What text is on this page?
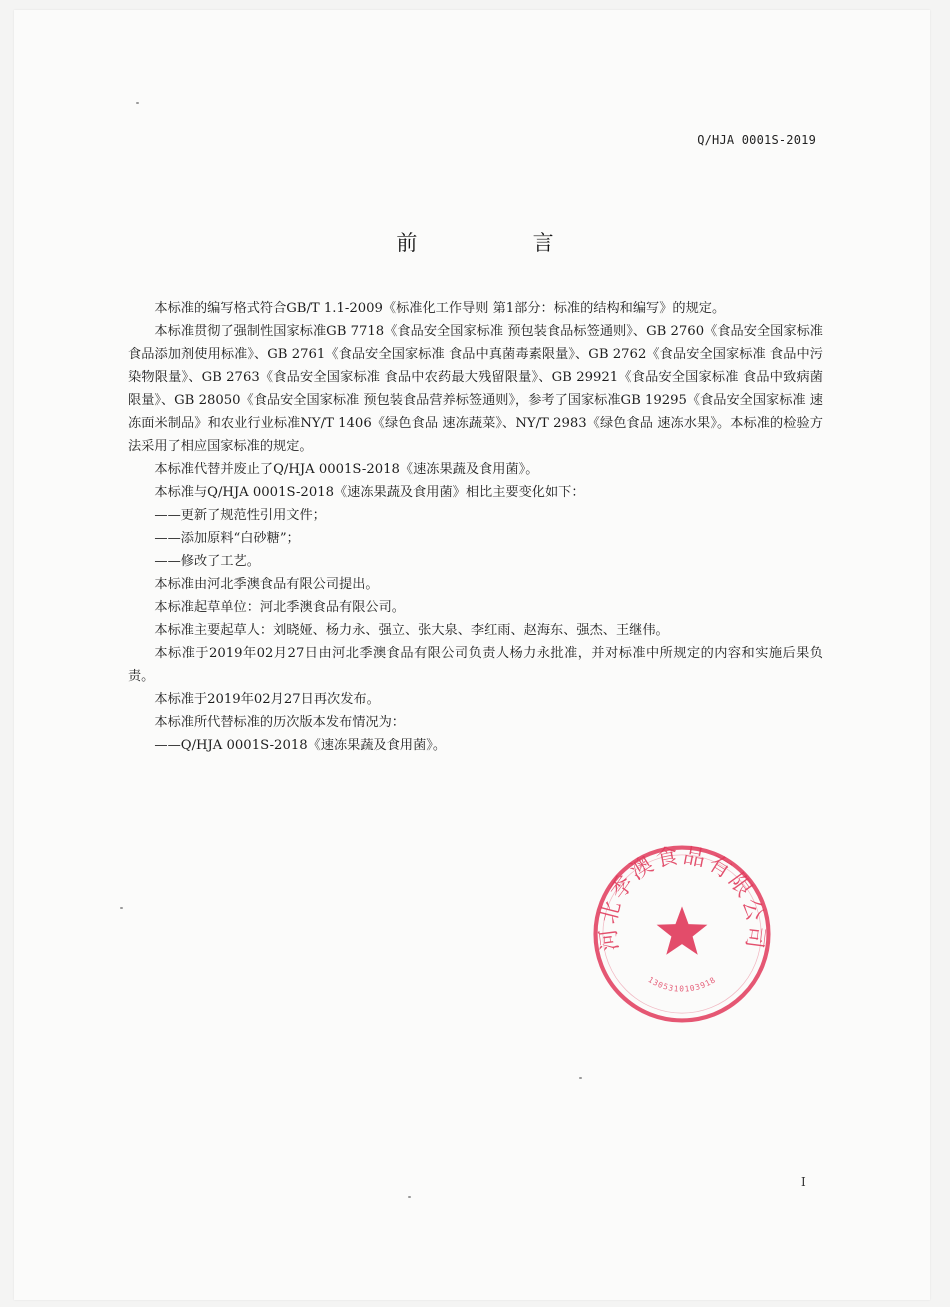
Q/HJA 0001S-2019
前  言

本标准的编写格式符合GB/T 1.1-2009《标准化工作导则 第1部分：标准的结构和编写》的规定。

本标准贯彻了强制性国家标准GB 7718《食品安全国家标准 预包装食品标签通则》、GB 2760《食品安全国家标准 食品添加剂使用标准》、GB 2761《食品安全国家标准 食品中真菌毒素限量》、GB 2762《食品安全国家标准 食品中污染物限量》、GB 2763《食品安全国家标准 食品中农药最大残留限量》、GB 29921《食品安全国家标准 食品中致病菌限量》、GB 28050《食品安全国家标准 预包装食品营养标签通则》，参考了国家标准GB 19295《食品安全国家标准 速冻面米制品》和农业行业标准NY/T 1406《绿色食品 速冻蔬菜》、NY/T 2983《绿色食品 速冻水果》。本标准的检验方法采用了相应国家标准的规定。

本标准代替并废止了Q/HJA 0001S-2018《速冻果蔬及食用菌》。

本标准与Q/HJA 0001S-2018《速冻果蔬及食用菌》相比主要变化如下：

——更新了规范性引用文件；

——添加原料“白砂糖”；

——修改了工艺。

本标准由河北季澳食品有限公司提出。

本标准起草单位：河北季澳食品有限公司。

本标准主要起草人：刘晓娅、杨力永、强立、张大泉、李红雨、赵海东、强杰、王继伟。

本标准于2019年02月27日由河北季澳食品有限公司负责人杨力永批准，并对标准中所规定的内容和实施后果负责。

本标准于2019年02月27日再次发布。

本标准所代替标准的历次版本发布情况为：

——Q/HJA 0001S-2018《速冻果蔬及食用菌》。

河北季澳食品有限公司
1305310103918
I
